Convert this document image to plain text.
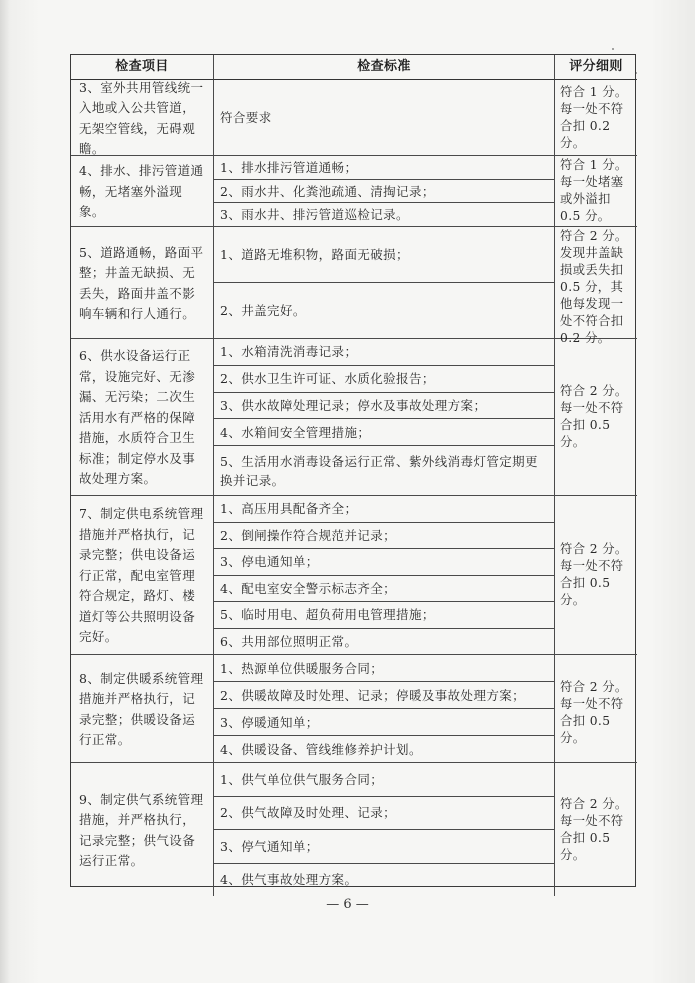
检查项目	检查标准	评分细则
3、室外共用管线统一入地或入公共管道，无架空管线，无碍观瞻。
符合要求
符合 1 分。每一处不符合扣 0.2 分。
4、排水、排污管道通畅，无堵塞外溢现象。
1、排水排污管道通畅；
2、雨水井、化粪池疏通、清掏记录；
3、雨水井、排污管道巡检记录。
符合 1 分。每一处堵塞或外溢扣 0.5 分。
5、道路通畅，路面平整；井盖无缺损、无丢失，路面井盖不影响车辆和行人通行。
1、道路无堆积物，路面无破损；
2、井盖完好。
符合 2 分。发现井盖缺损或丢失扣 0.5 分，其他每发现一处不符合扣 0.2 分。
6、供水设备运行正常，设施完好、无渗漏、无污染；二次生活用水有严格的保障措施，水质符合卫生标准；制定停水及事故处理方案。
1、水箱清洗消毒记录；
2、供水卫生许可证、水质化验报告；
3、供水故障处理记录；停水及事故处理方案；
4、水箱间安全管理措施；
5、生活用水消毒设备运行正常、紫外线消毒灯管定期更换并记录。
符合 2 分。每一处不符合扣 0.5 分。
7、制定供电系统管理措施并严格执行，记录完整；供电设备运行正常，配电室管理符合规定，路灯、楼道灯等公共照明设备完好。
1、高压用具配备齐全；
2、倒闸操作符合规范并记录；
3、停电通知单；
4、配电室安全警示标志齐全；
5、临时用电、超负荷用电管理措施；
6、共用部位照明正常。
符合 2 分。每一处不符合扣 0.5 分。
8、制定供暖系统管理措施并严格执行，记录完整；供暖设备运行正常。
1、热源单位供暖服务合同；
2、供暖故障及时处理、记录；停暖及事故处理方案；
3、停暖通知单；
4、供暖设备、管线维修养护计划。
符合 2 分。每一处不符合扣 0.5 分。
9、制定供气系统管理措施，并严格执行，记录完整；供气设备运行正常。
1、供气单位供气服务合同；
2、供气故障及时处理、记录；
3、停气通知单；
4、供气事故处理方案。
符合 2 分。每一处不符合扣 0.5 分。
— 6 —
